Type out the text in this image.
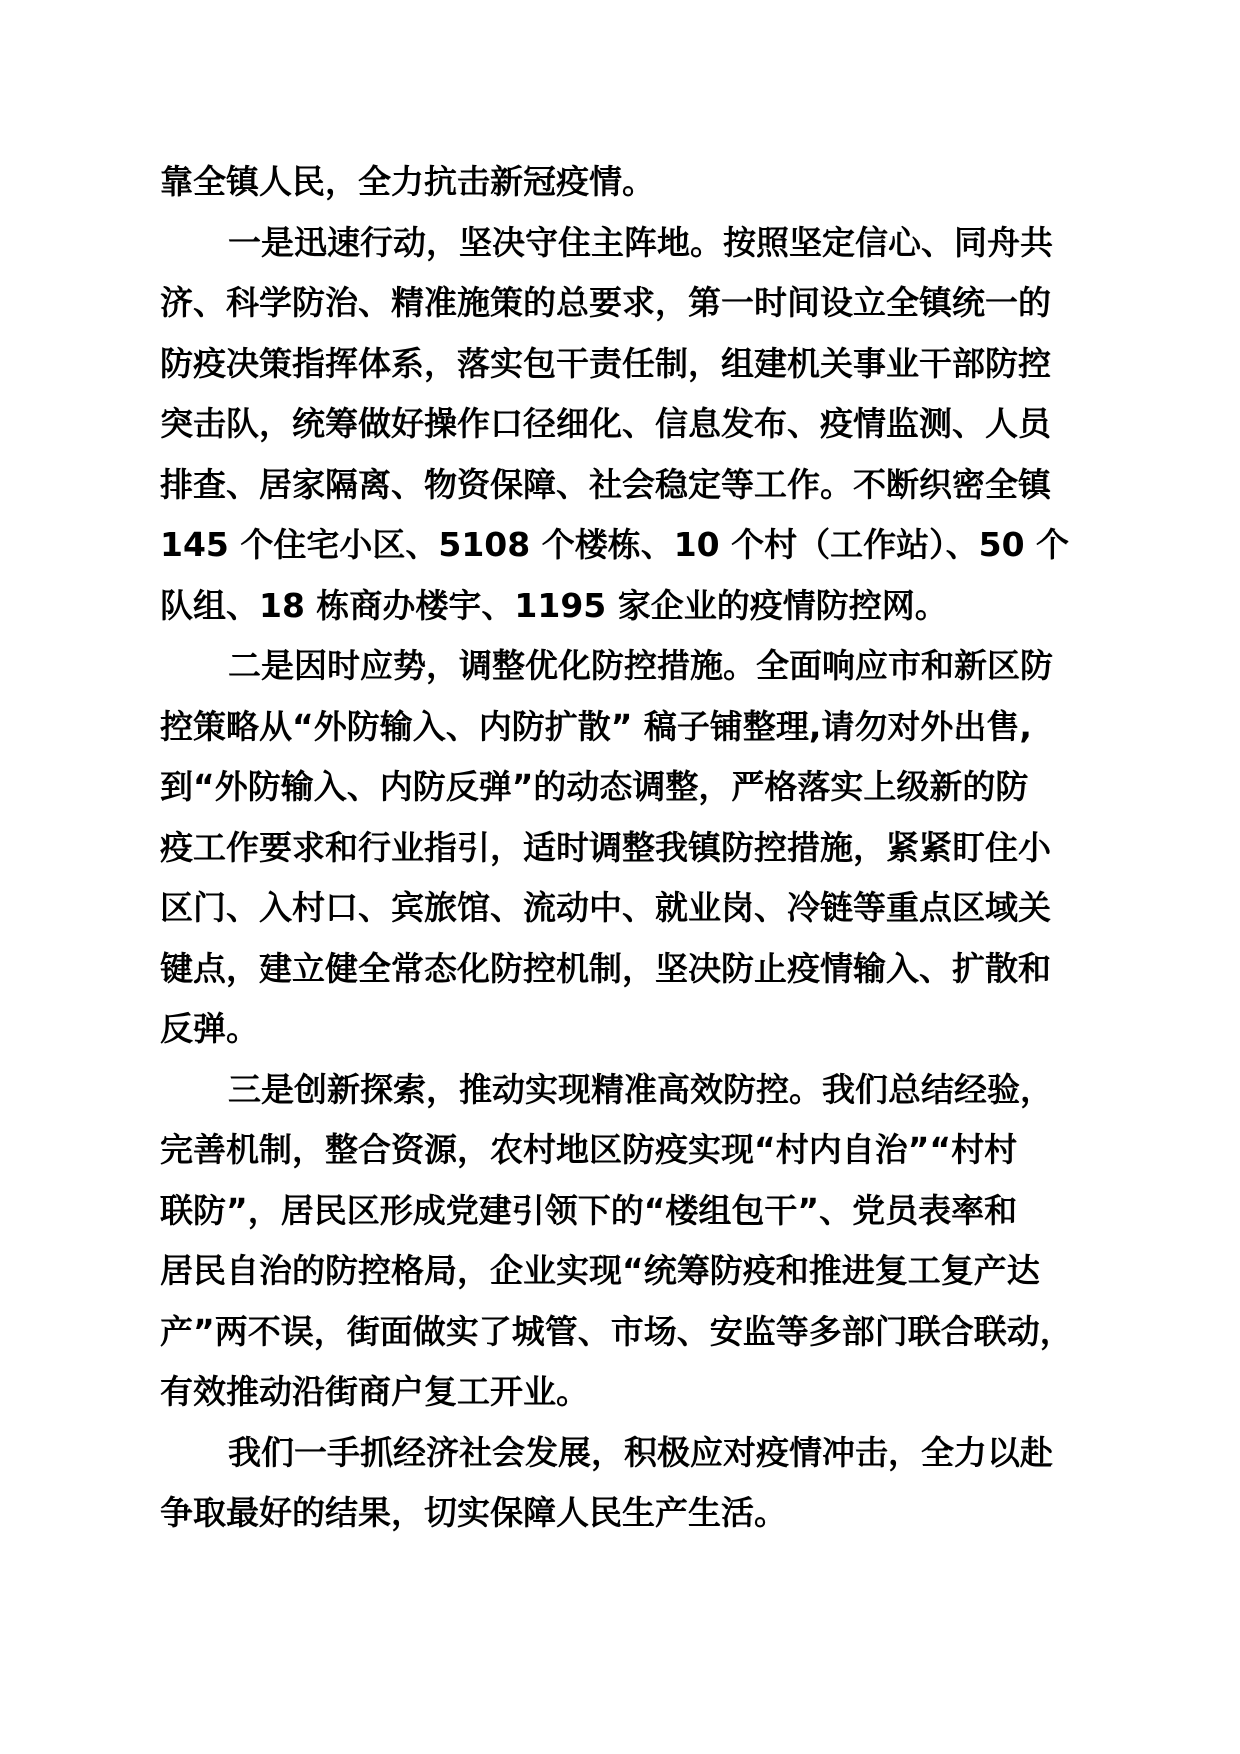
靠全镇人民，全力抗击新冠疫情。
一是迅速行动，坚决守住主阵地。按照坚定信心、同舟共
济、科学防治、精准施策的总要求，第一时间设立全镇统一的
防疫决策指挥体系，落实包干责任制，组建机关事业干部防控
突击队，统筹做好操作口径细化、信息发布、疫情监测、人员
排查、居家隔离、物资保障、社会稳定等工作。不断织密全镇
145 个住宅小区、5108 个楼栋、10 个村（工作站）、50 个
队组、18 栋商办楼宇、1195 家企业的疫情防控网。
二是因时应势，调整优化防控措施。全面响应市和新区防
控策略从“外防输入、内防扩散” 稿子铺整理,请勿对外出售,
到“外防输入、内防反弹”的动态调整，严格落实上级新的防
疫工作要求和行业指引，适时调整我镇防控措施，紧紧盯住小
区门、入村口、宾旅馆、流动中、就业岗、冷链等重点区域关
键点，建立健全常态化防控机制，坚决防止疫情输入、扩散和
反弹。
三是创新探索，推动实现精准高效防控。我们总结经验，
完善机制，整合资源，农村地区防疫实现“村内自治”“村村
联防”，居民区形成党建引领下的“楼组包干”、党员表率和
居民自治的防控格局，企业实现“统筹防疫和推进复工复产达
产”两不误，街面做实了城管、市场、安监等多部门联合联动，
有效推动沿街商户复工开业。
我们一手抓经济社会发展，积极应对疫情冲击，全力以赴
争取最好的结果，切实保障人民生产生活。
